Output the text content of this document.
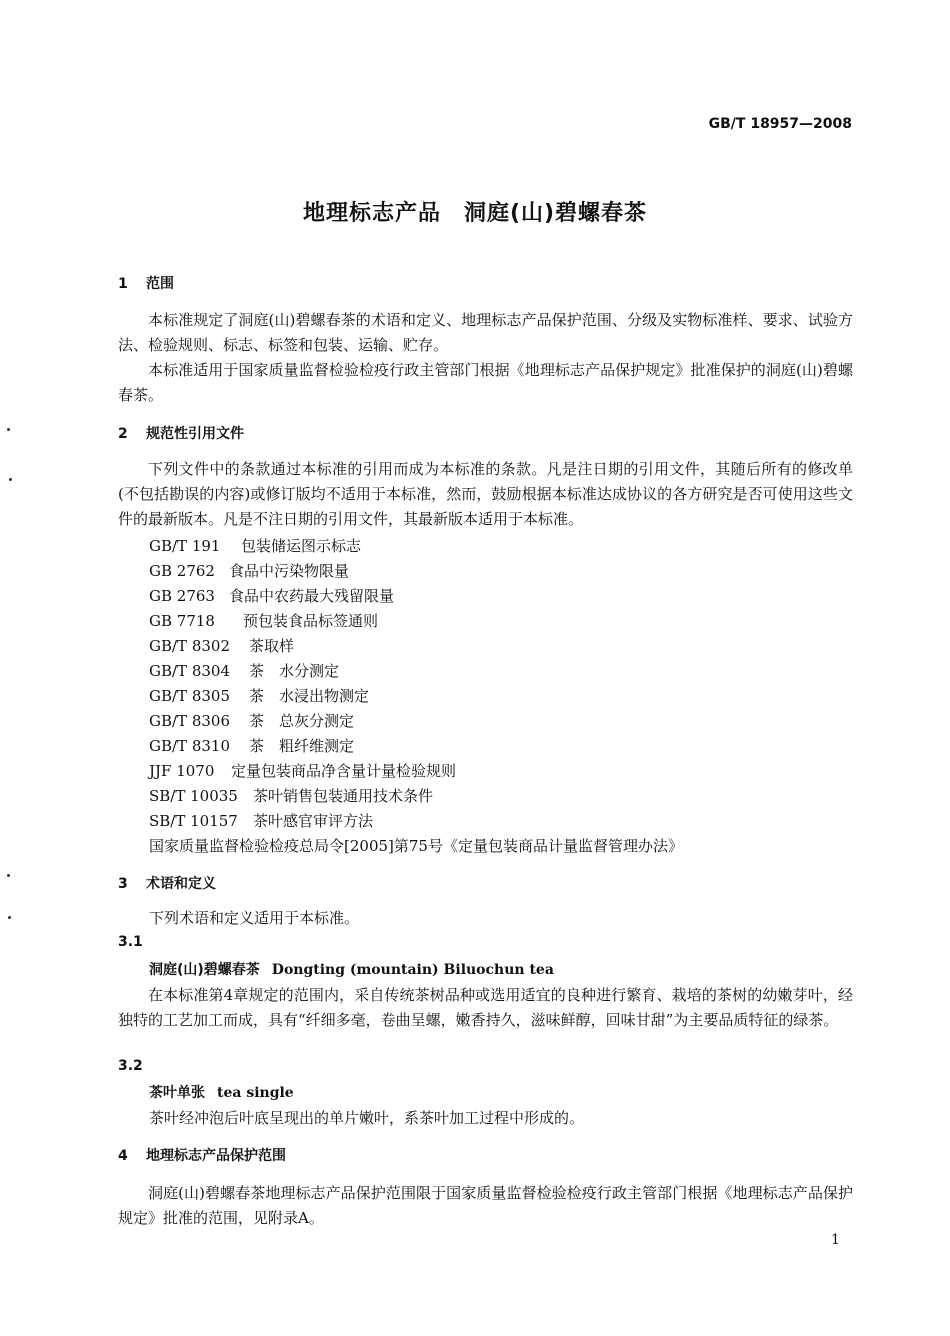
GB/T 18957—2008
地理标志产品　洞庭(山)碧螺春茶
1 范围
本标准规定了洞庭(山)碧螺春茶的术语和定义、地理标志产品保护范围、分级及实物标准样、要求、试验方法、检验规则、标志、标签和包装、运输、贮存。
本标准适用于国家质量监督检验检疫行政主管部门根据《地理标志产品保护规定》批准保护的洞庭(山)碧螺春茶。
2 规范性引用文件
下列文件中的条款通过本标准的引用而成为本标准的条款。凡是注日期的引用文件，其随后所有的修改单(不包括勘误的内容)或修订版均不适用于本标准，然而，鼓励根据本标准达成协议的各方研究是否可使用这些文件的最新版本。凡是不注日期的引用文件，其最新版本适用于本标准。
GB/T 191 包装储运图示标志
GB 2762 食品中污染物限量
GB 2763 食品中农药最大残留限量
GB 7718 预包装食品标签通则
GB/T 8302 茶取样
GB/T 8304 茶　水分测定
GB/T 8305 茶　水浸出物测定
GB/T 8306 茶　总灰分测定
GB/T 8310 茶　粗纤维测定
JJF 1070 定量包装商品净含量计量检验规则
SB/T 10035 茶叶销售包装通用技术条件
SB/T 10157 茶叶感官审评方法
国家质量监督检验检疫总局令[2005]第75号《定量包装商品计量监督管理办法》
3 术语和定义
下列术语和定义适用于本标准。
3.1
洞庭(山)碧螺春茶 Dongting (mountain) Biluochun tea
在本标准第4章规定的范围内，采自传统茶树品种或选用适宜的良种进行繁育、栽培的茶树的幼嫩芽叶，经独特的工艺加工而成，具有“纤细多毫，卷曲呈螺，嫩香持久，滋味鲜醇，回味甘甜”为主要品质特征的绿茶。
3.2
茶叶单张 tea single
茶叶经冲泡后叶底呈现出的单片嫩叶，系茶叶加工过程中形成的。
4 地理标志产品保护范围
洞庭(山)碧螺春茶地理标志产品保护范围限于国家质量监督检验检疫行政主管部门根据《地理标志产品保护规定》批准的范围，见附录A。
1
